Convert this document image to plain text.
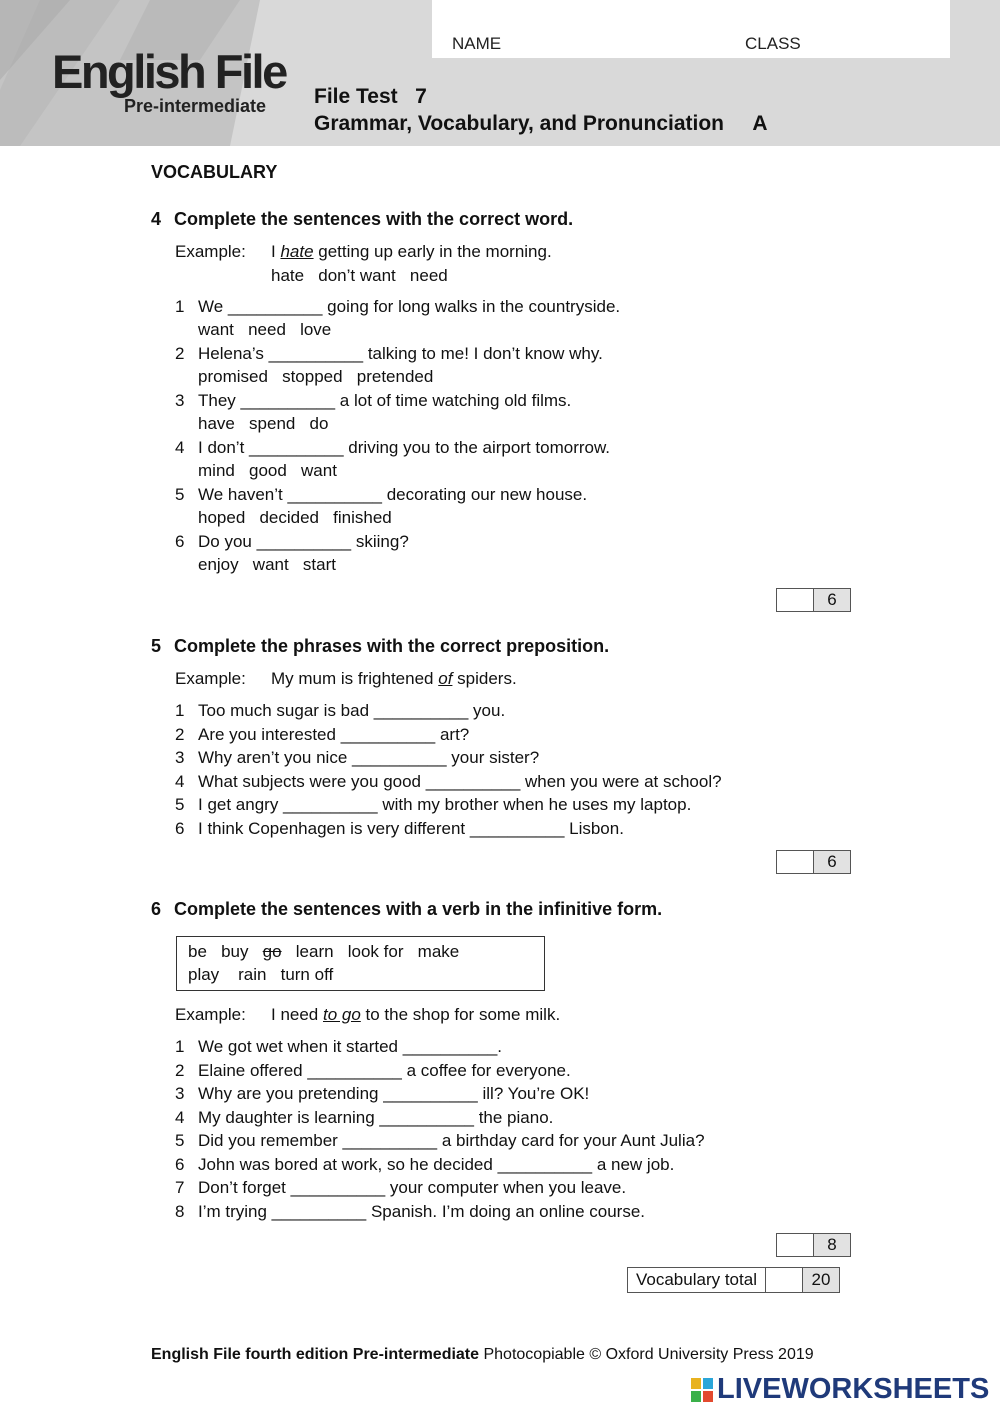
English File
Pre-intermediate
NAME	CLASS
File Test   7
Grammar, Vocabulary, and Pronunciation     A
VOCABULARY
4 Complete the sentences with the correct word.
Example: I hate getting up early in the morning.
hate   don’t want   need
1 We __________ going for long walks in the countryside.
want   need   love
2 Helena’s __________ talking to me! I don’t know why.
promised   stopped   pretended
3 They __________ a lot of time watching old films.
have   spend   do
4 I don’t __________ driving you to the airport tomorrow.
mind   good   want
5 We haven’t __________ decorating our new house.
hoped   decided   finished
6 Do you __________ skiing?
enjoy   want   start
6
5 Complete the phrases with the correct preposition.
Example: My mum is frightened of spiders.
1 Too much sugar is bad __________ you.
2 Are you interested __________ art?
3 Why aren’t you nice __________ your sister?
4 What subjects were you good __________ when you were at school?
5 I get angry __________ with my brother when he uses my laptop.
6 I think Copenhagen is very different __________ Lisbon.
6
6 Complete the sentences with a verb in the infinitive form.
be   buy   go   learn   look for   make
play    rain   turn off
Example: I need to go to the shop for some milk.
1 We got wet when it started __________.
2 Elaine offered __________ a coffee for everyone.
3 Why are you pretending __________ ill? You’re OK!
4 My daughter is learning __________ the piano.
5 Did you remember __________ a birthday card for your Aunt Julia?
6 John was bored at work, so he decided __________ a new job.
7 Don’t forget __________ your computer when you leave.
8 I’m trying __________ Spanish. I’m doing an online course.
8
Vocabulary total	20
English File fourth edition Pre-intermediate Photocopiable © Oxford University Press 2019
LIVEWORKSHEETS
